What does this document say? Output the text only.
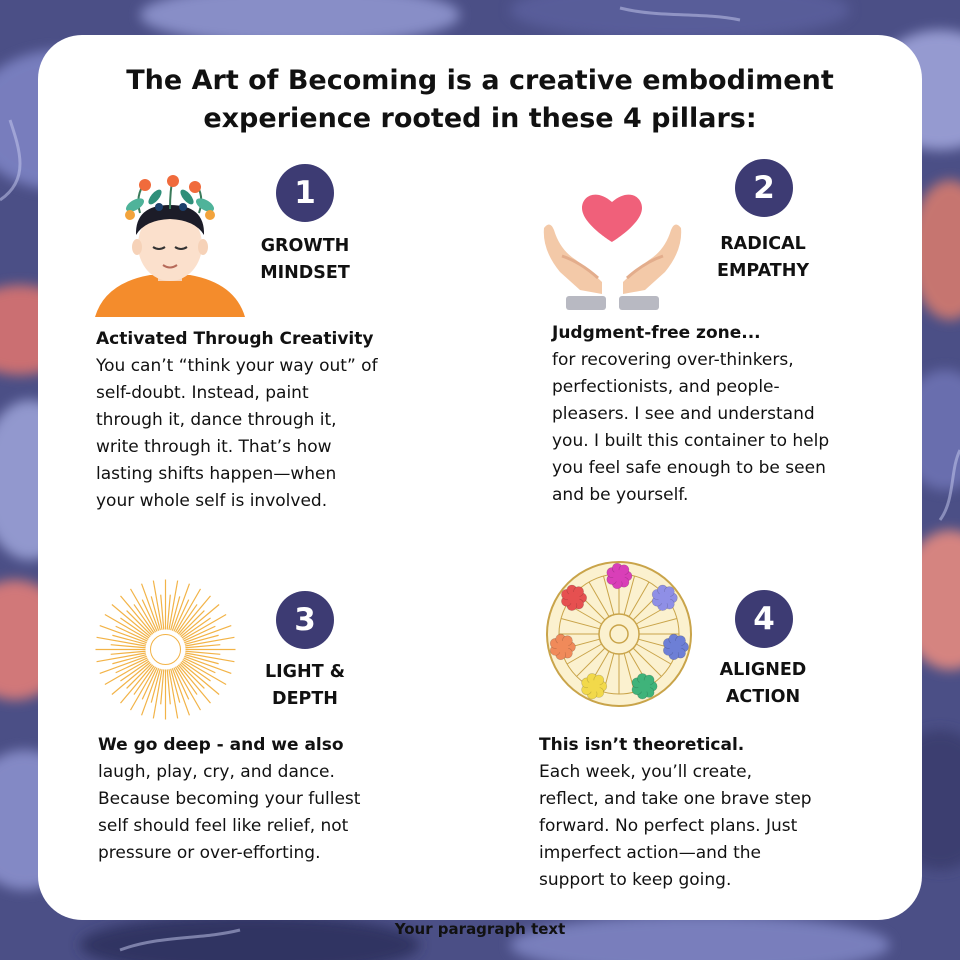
The Art of Becoming is a creative embodiment
experience rooted in these 4 pillars:
1	2
3	4
GROWTH
MINDSET
RADICAL
EMPATHY
LIGHT & DEPTH
ALIGNED
ACTION
Activated Through Creativity
You can’t “think your way out” of
self-doubt. Instead, paint
through it, dance through it,
write through it. That’s how
lasting shifts happen—when
your whole self is involved.
Judgment-free zone...
for recovering over-thinkers,
perfectionists, and people-
pleasers. I see and understand
you. I built this container to help
you feel safe enough to be seen
and be yourself.
We go deep - and we also
laugh, play, cry, and dance.
Because becoming your fullest
self should feel like relief, not
pressure or over-efforting.
This isn’t theoretical.
Each week, you’ll create,
reflect, and take one brave step
forward. No perfect plans. Just
imperfect action—and the
support to keep going.
Your paragraph text
